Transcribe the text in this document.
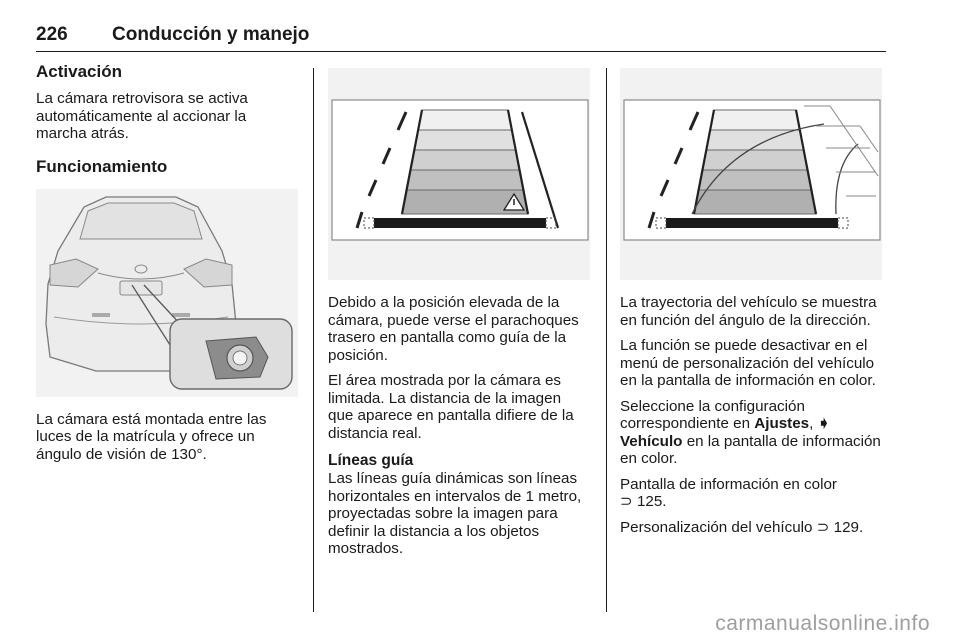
226 Conducción y manejo
Activación

La cámara retrovisora se activa automáticamente al accionar la marcha atrás.

Funcionamiento

La cámara está montada entre las luces de la matrícula y ofrece un ángulo de visión de 130°.

Debido a la posición elevada de la cámara, puede verse el parachoques trasero en pantalla como guía de la posición.

El área mostrada por la cámara es limitada. La distancia de la imagen que aparece en pantalla difiere de la distancia real.

Líneas guía

Las líneas guía dinámicas son líneas horizontales en intervalos de 1 metro, proyectadas sobre la imagen para definir la distancia a los objetos mostrados.

La trayectoria del vehículo se muestra en función del ángulo de la dirección.

La función se puede desactivar en el menú de personalización del vehículo en la pantalla de información en color.

Seleccione la configuración correspondiente en Ajustes, ➧ Vehículo en la pantalla de información en color.

Pantalla de información en color
⊃ 125.

Personalización del vehículo ⊃ 129.

carmanualsonline.info
